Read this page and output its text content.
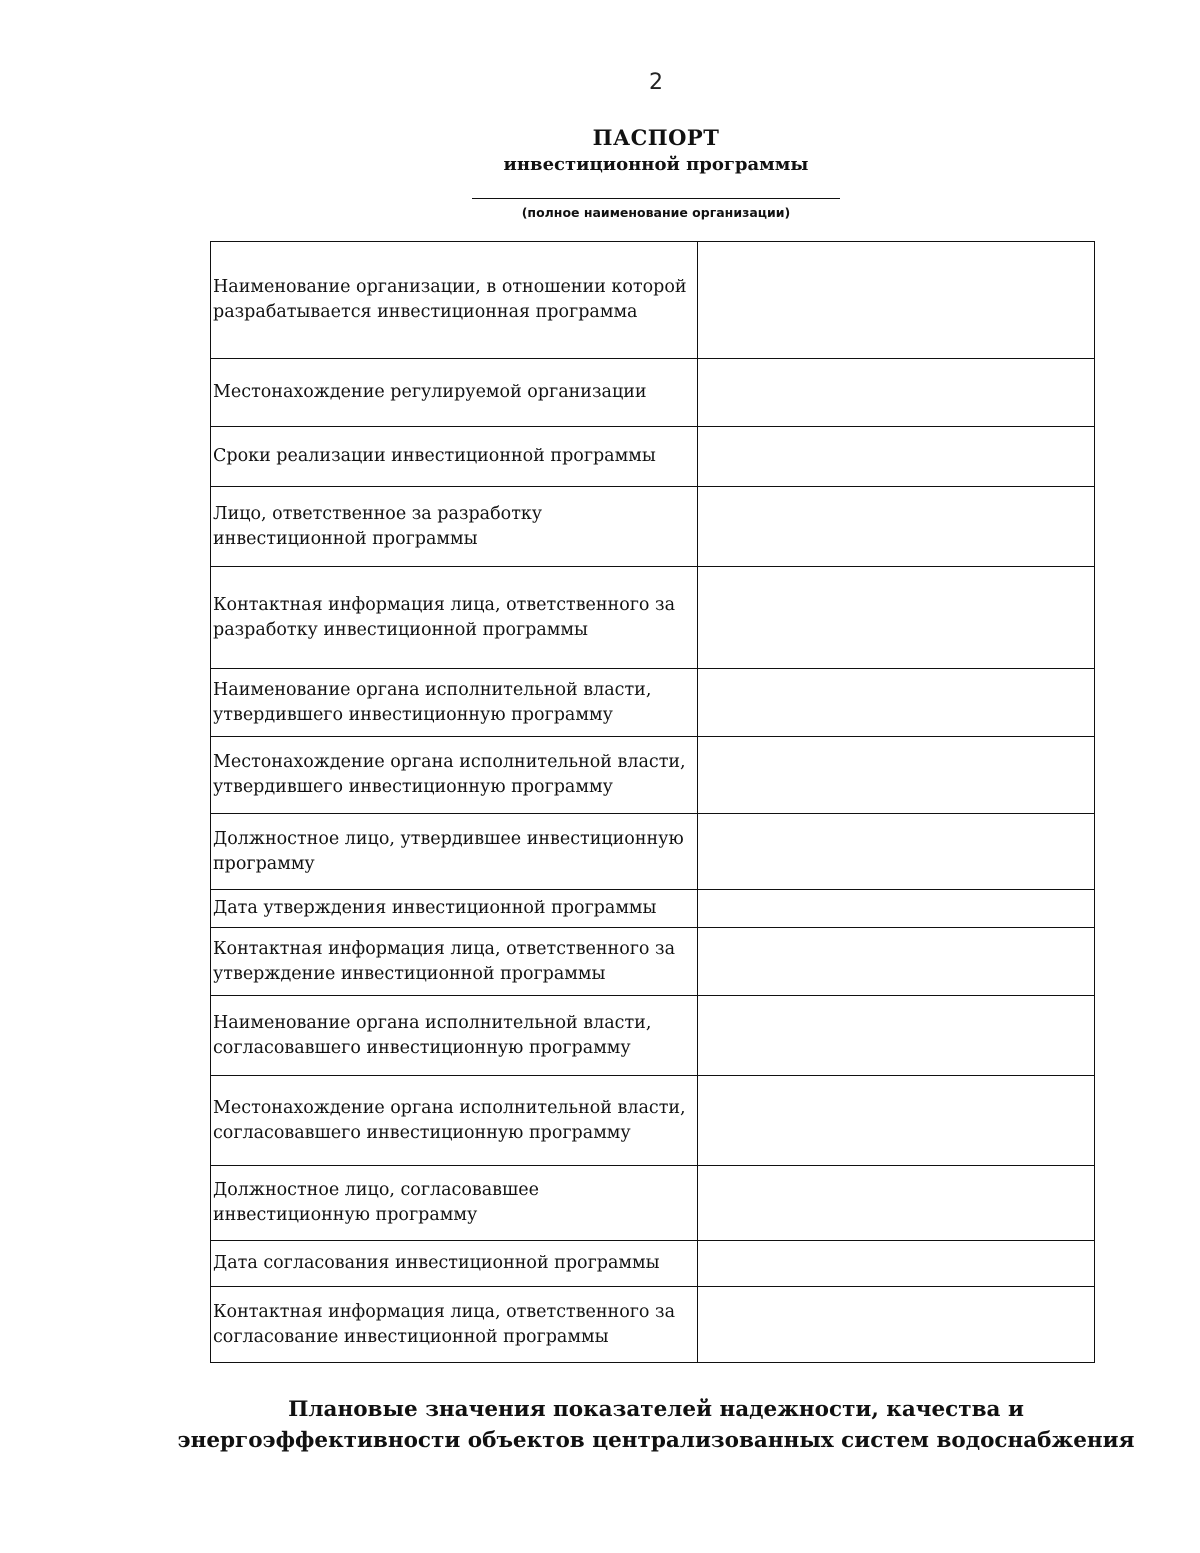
2
ПАСПОРТ
инвестиционной программы
(полное наименование организации)
Наименование организации, в отношении которой разрабатывается инвестиционная программа	
Местонахождение регулируемой организации	
Сроки реализации инвестиционной программы	
Лицо, ответственное за разработку инвестиционной программы	
Контактная информация лица, ответственного за разработку инвестиционной программы	
Наименование органа исполнительной власти, утвердившего инвестиционную программу	
Местонахождение органа исполнительной власти, утвердившего инвестиционную программу	
Должностное лицо, утвердившее инвестиционную программу	
Дата утверждения инвестиционной программы	
Контактная информация лица, ответственного за утверждение инвестиционной программы	
Наименование органа исполнительной власти, согласовавшего инвестиционную программу	
Местонахождение органа исполнительной власти, согласовавшего инвестиционную программу	
Должностное лицо, согласовавшее инвестиционную программу	
Дата согласования инвестиционной программы	
Контактная информация лица, ответственного за согласование инвестиционной программы	
Плановые значения показателей надежности, качества и
энергоэффективности объектов централизованных систем водоснабжения
